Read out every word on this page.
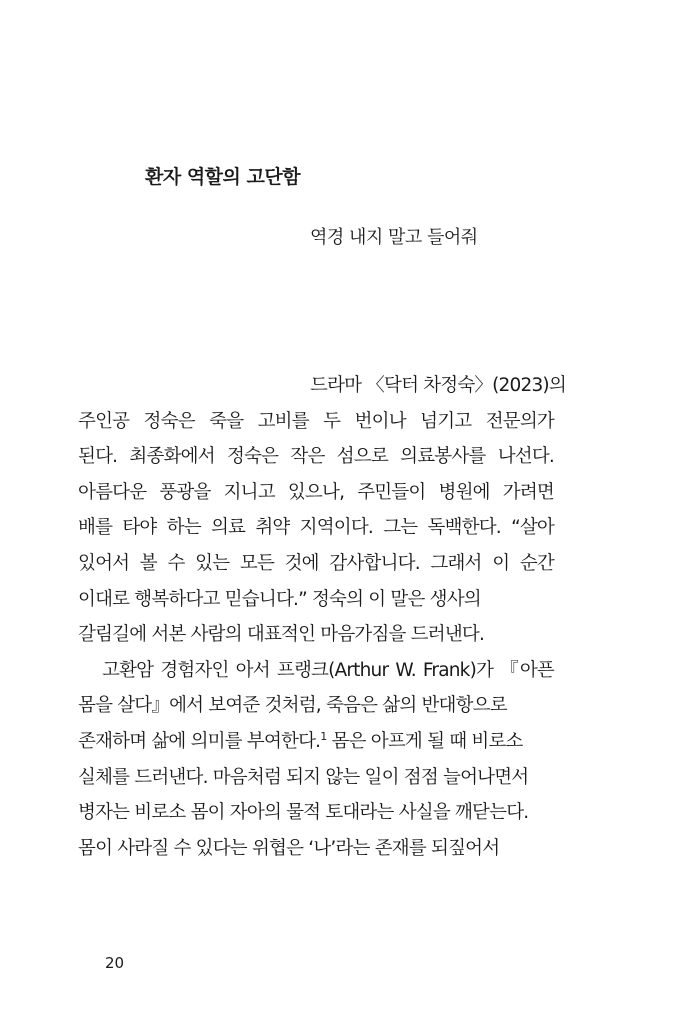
환자 역할의 고단함
역경 내지 말고 들어줘
드라마 〈닥터 차정숙〉(2023)의
주인공 정숙은 죽을 고비를 두 번이나 넘기고 전문의가
된다. 최종화에서 정숙은 작은 섬으로 의료봉사를 나선다.
아름다운 풍광을 지니고 있으나, 주민들이 병원에 가려면
배를 타야 하는 의료 취약 지역이다. 그는 독백한다. “살아
있어서 볼 수 있는 모든 것에 감사합니다. 그래서 이 순간
이대로 행복하다고 믿습니다.” 정숙의 이 말은 생사의
갈림길에 서본 사람의 대표적인 마음가짐을 드러낸다.
고환암 경험자인 아서 프랭크(Arthur W. Frank)가 『아픈
몸을 살다』에서 보여준 것처럼, 죽음은 삶의 반대항으로
존재하며 삶에 의미를 부여한다.$^1$ 몸은 아프게 될 때 비로소
실체를 드러낸다. 마음처럼 되지 않는 일이 점점 늘어나면서
병자는 비로소 몸이 자아의 물적 토대라는 사실을 깨닫는다.
몸이 사라질 수 있다는 위협은 ‘나’라는 존재를 되짚어서
20
